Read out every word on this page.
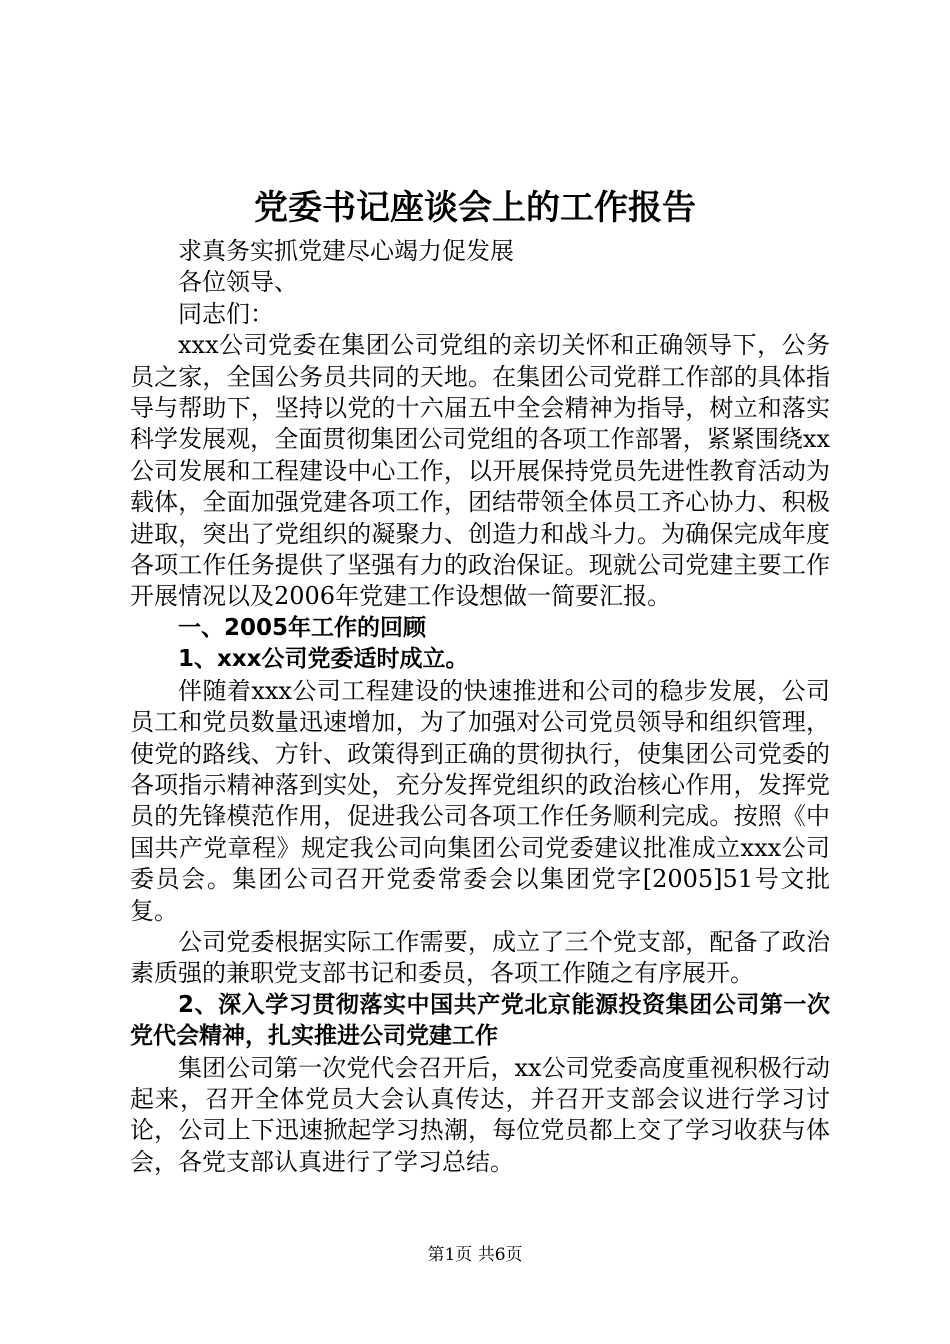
党委书记座谈会上的工作报告

求真务实抓党建尽心竭力促发展

各位领导、

同志们：

xxx公司党委在集团公司党组的亲切关怀和正确领导下，公务员之家，全国公务员共同的天地。在集团公司党群工作部的具体指导与帮助下，坚持以党的十六届五中全会精神为指导，树立和落实科学发展观，全面贯彻集团公司党组的各项工作部署，紧紧围绕xx公司发展和工程建设中心工作，以开展保持党员先进性教育活动为载体，全面加强党建各项工作，团结带领全体员工齐心协力、积极进取，突出了党组织的凝聚力、创造力和战斗力。为确保完成年度各项工作任务提供了坚强有力的政治保证。现就公司党建主要工作开展情况以及2006年党建工作设想做一简要汇报。

一、2005年工作的回顾

1、xxx公司党委适时成立。

伴随着xxx公司工程建设的快速推进和公司的稳步发展，公司员工和党员数量迅速增加，为了加强对公司党员领导和组织管理，使党的路线、方针、政策得到正确的贯彻执行，使集团公司党委的各项指示精神落到实处，充分发挥党组织的政治核心作用，发挥党员的先锋模范作用，促进我公司各项工作任务顺利完成。按照《中国共产党章程》规定我公司向集团公司党委建议批准成立xxx公司委员会。集团公司召开党委常委会以集团党字[2005]51号文批复。

公司党委根据实际工作需要，成立了三个党支部，配备了政治素质强的兼职党支部书记和委员，各项工作随之有序展开。

2、深入学习贯彻落实中国共产党北京能源投资集团公司第一次党代会精神，扎实推进公司党建工作

集团公司第一次党代会召开后，xx公司党委高度重视积极行动起来，召开全体党员大会认真传达，并召开支部会议进行学习讨论，公司上下迅速掀起学习热潮，每位党员都上交了学习收获与体会，各党支部认真进行了学习总结。

第1页 共6页
